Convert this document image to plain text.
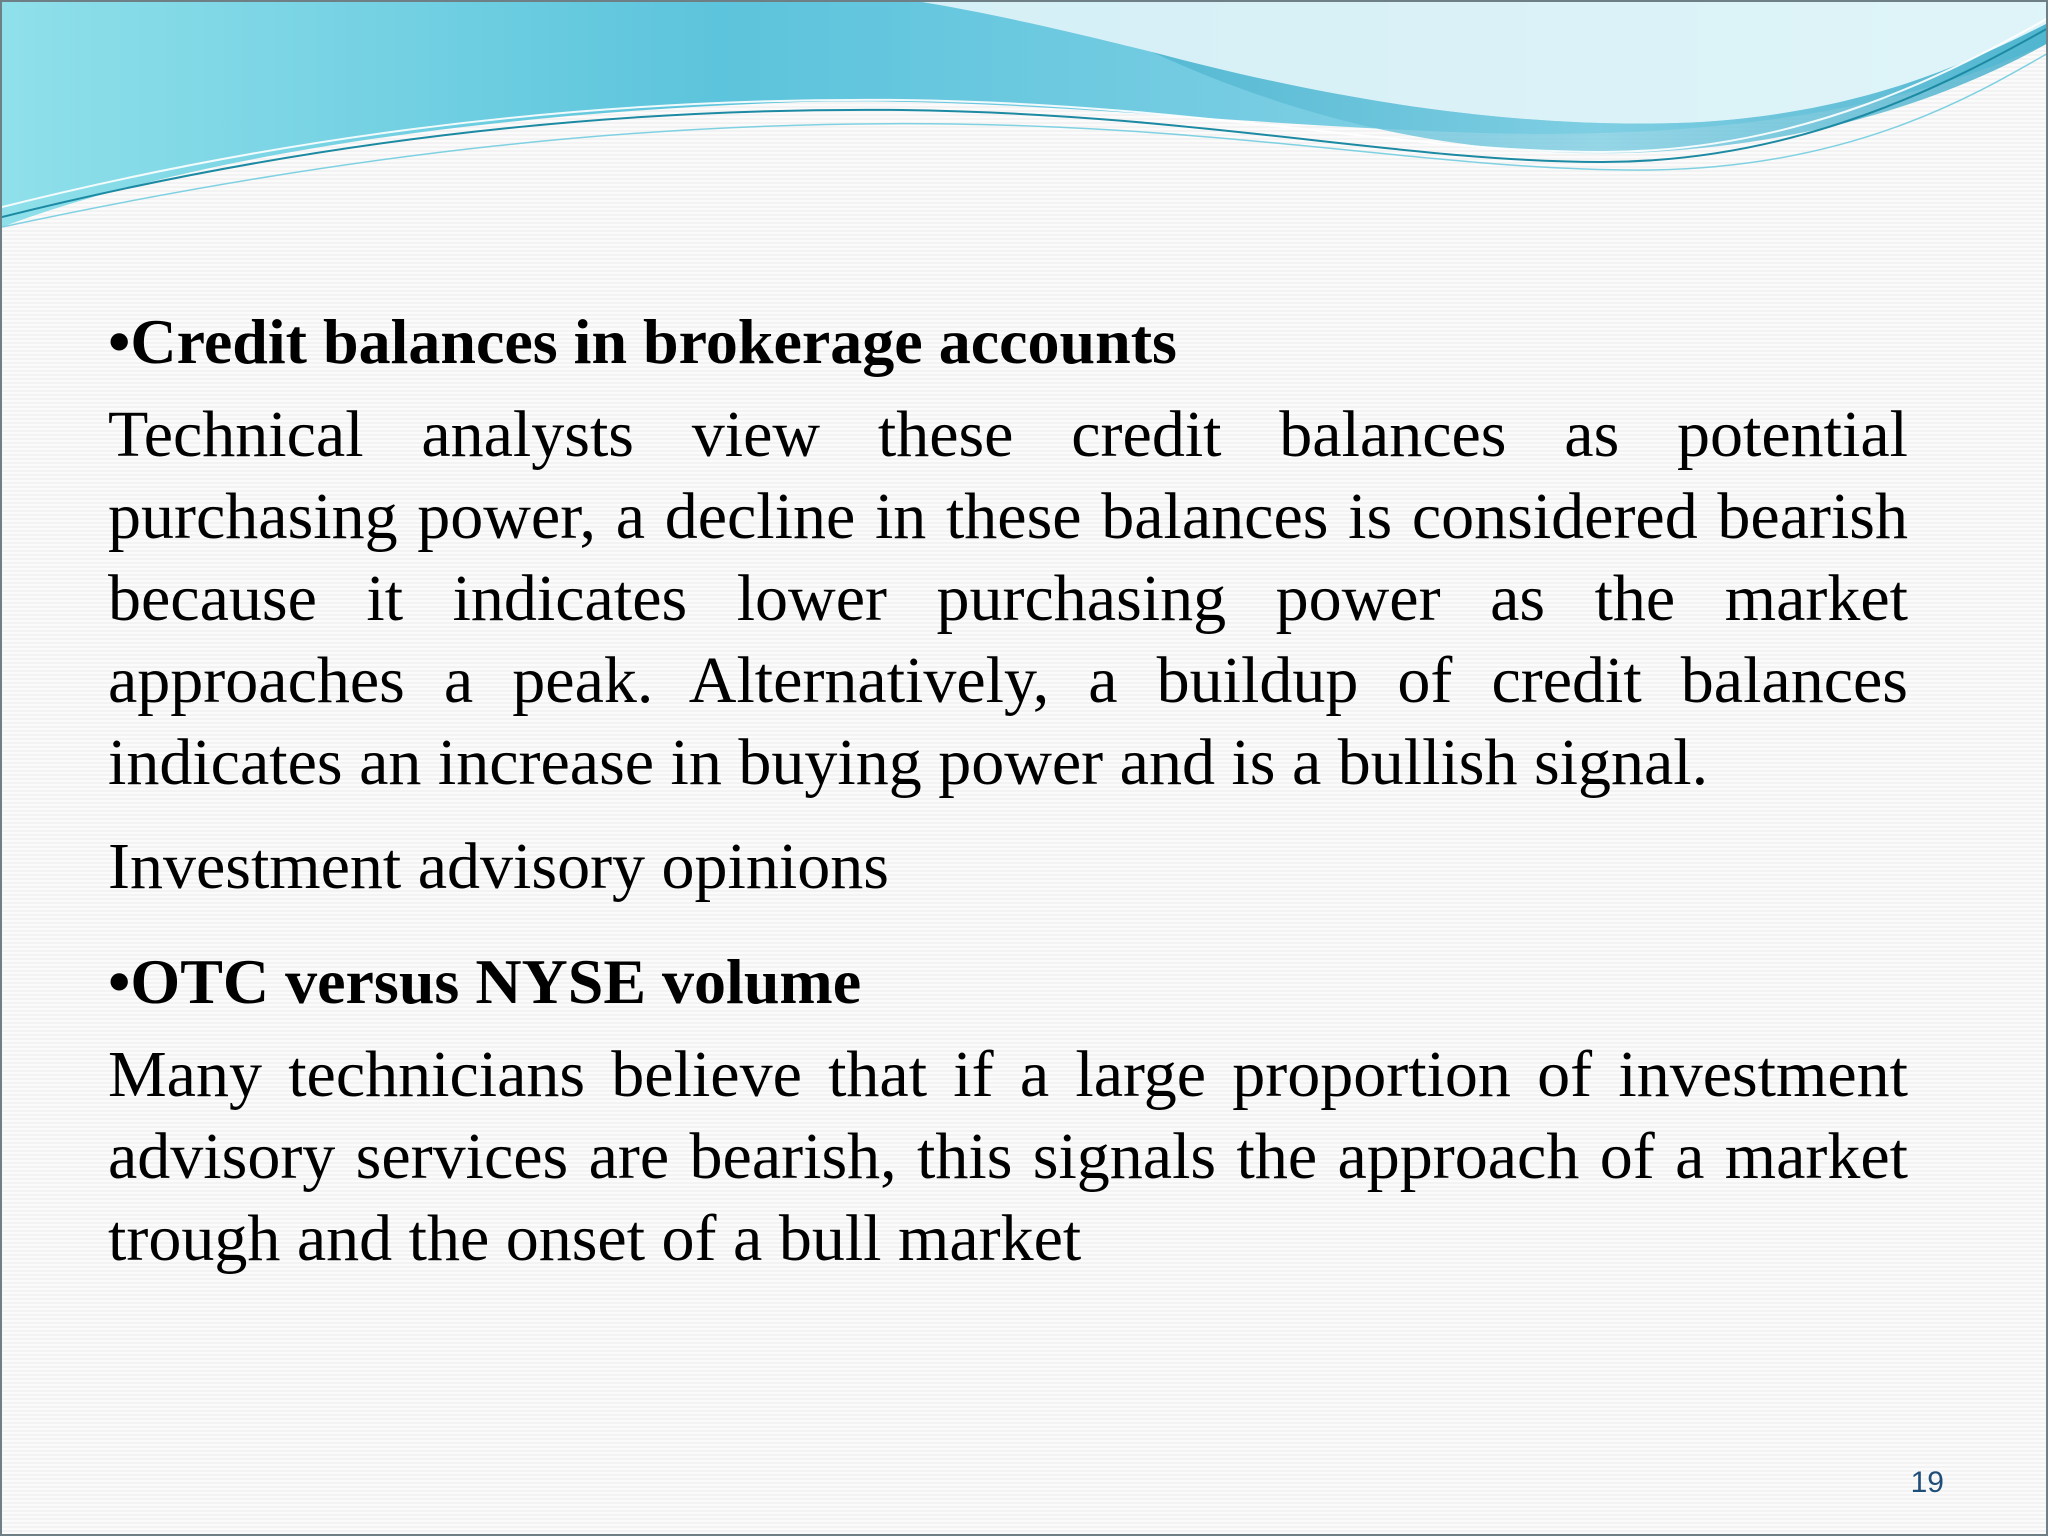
•Credit balances in brokerage accounts
Technical analysts view these credit balances as potential purchasing power, a decline in these balances is considered bearish because it indicates lower purchasing power as the market approaches a peak. Alternatively, a buildup of credit balances indicates an increase in buying power and is a bullish signal.
Investment advisory opinions
•OTC versus NYSE volume
Many technicians believe that if a large proportion of investment advisory services are bearish, this signals the approach of a market trough and the onset of a bull market
19
